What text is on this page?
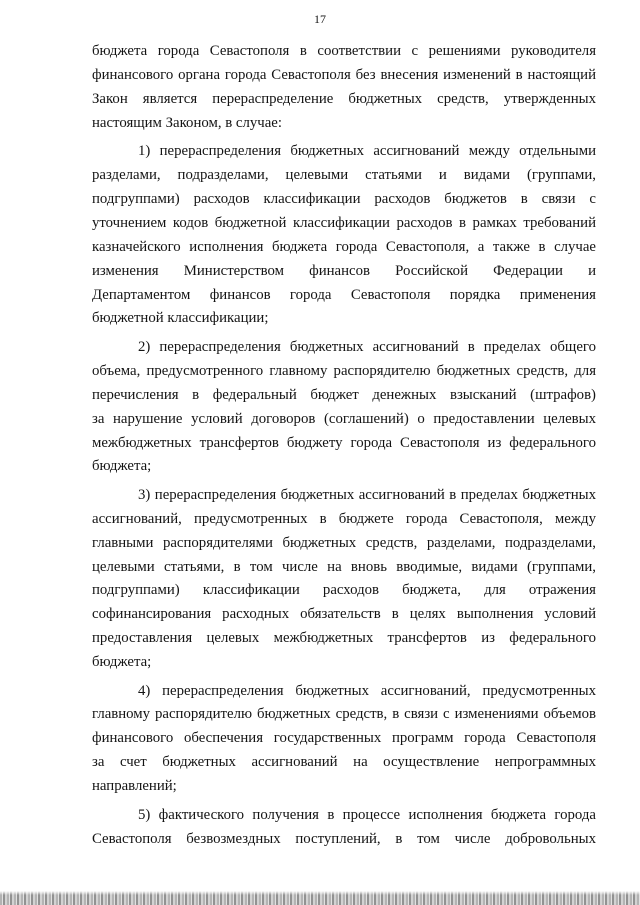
17
бюджета города Севастополя в соответствии с решениями руководителя
финансового органа города Севастополя без внесения изменений в настоящий
Закон является перераспределение бюджетных средств, утвержденных
настоящим Законом, в случае:
1) перераспределения бюджетных ассигнований между отдельными
разделами, подразделами, целевыми статьями и видами (группами,
подгруппами) расходов классификации расходов бюджетов в связи с
уточнением кодов бюджетной классификации расходов в рамках требований
казначейского исполнения бюджета города Севастополя, а также в случае
изменения Министерством финансов Российской Федерации и
Департаментом финансов города Севастополя порядка применения
бюджетной классификации;
2) перераспределения бюджетных ассигнований в пределах общего
объема, предусмотренного главному распорядителю бюджетных средств, для
перечисления в федеральный бюджет денежных взысканий (штрафов)
за нарушение условий договоров (соглашений) о предоставлении целевых
межбюджетных трансфертов бюджету города Севастополя из федерального
бюджета;
3) перераспределения бюджетных ассигнований в пределах бюджетных
ассигнований, предусмотренных в бюджете города Севастополя, между
главными распорядителями бюджетных средств, разделами, подразделами,
целевыми статьями, в том числе на вновь вводимые, видами (группами,
подгруппами) классификации расходов бюджета, для отражения
софинансирования расходных обязательств в целях выполнения условий
предоставления целевых межбюджетных трансфертов из федерального
бюджета;
4) перераспределения бюджетных ассигнований, предусмотренных
главному распорядителю бюджетных средств, в связи с изменениями объемов
финансового обеспечения государственных программ города Севастополя
за счет бюджетных ассигнований на осуществление непрограммных
направлений;
5) фактического получения в процессе исполнения бюджета города
Севастополя безвозмездных поступлений, в том числе добровольных
